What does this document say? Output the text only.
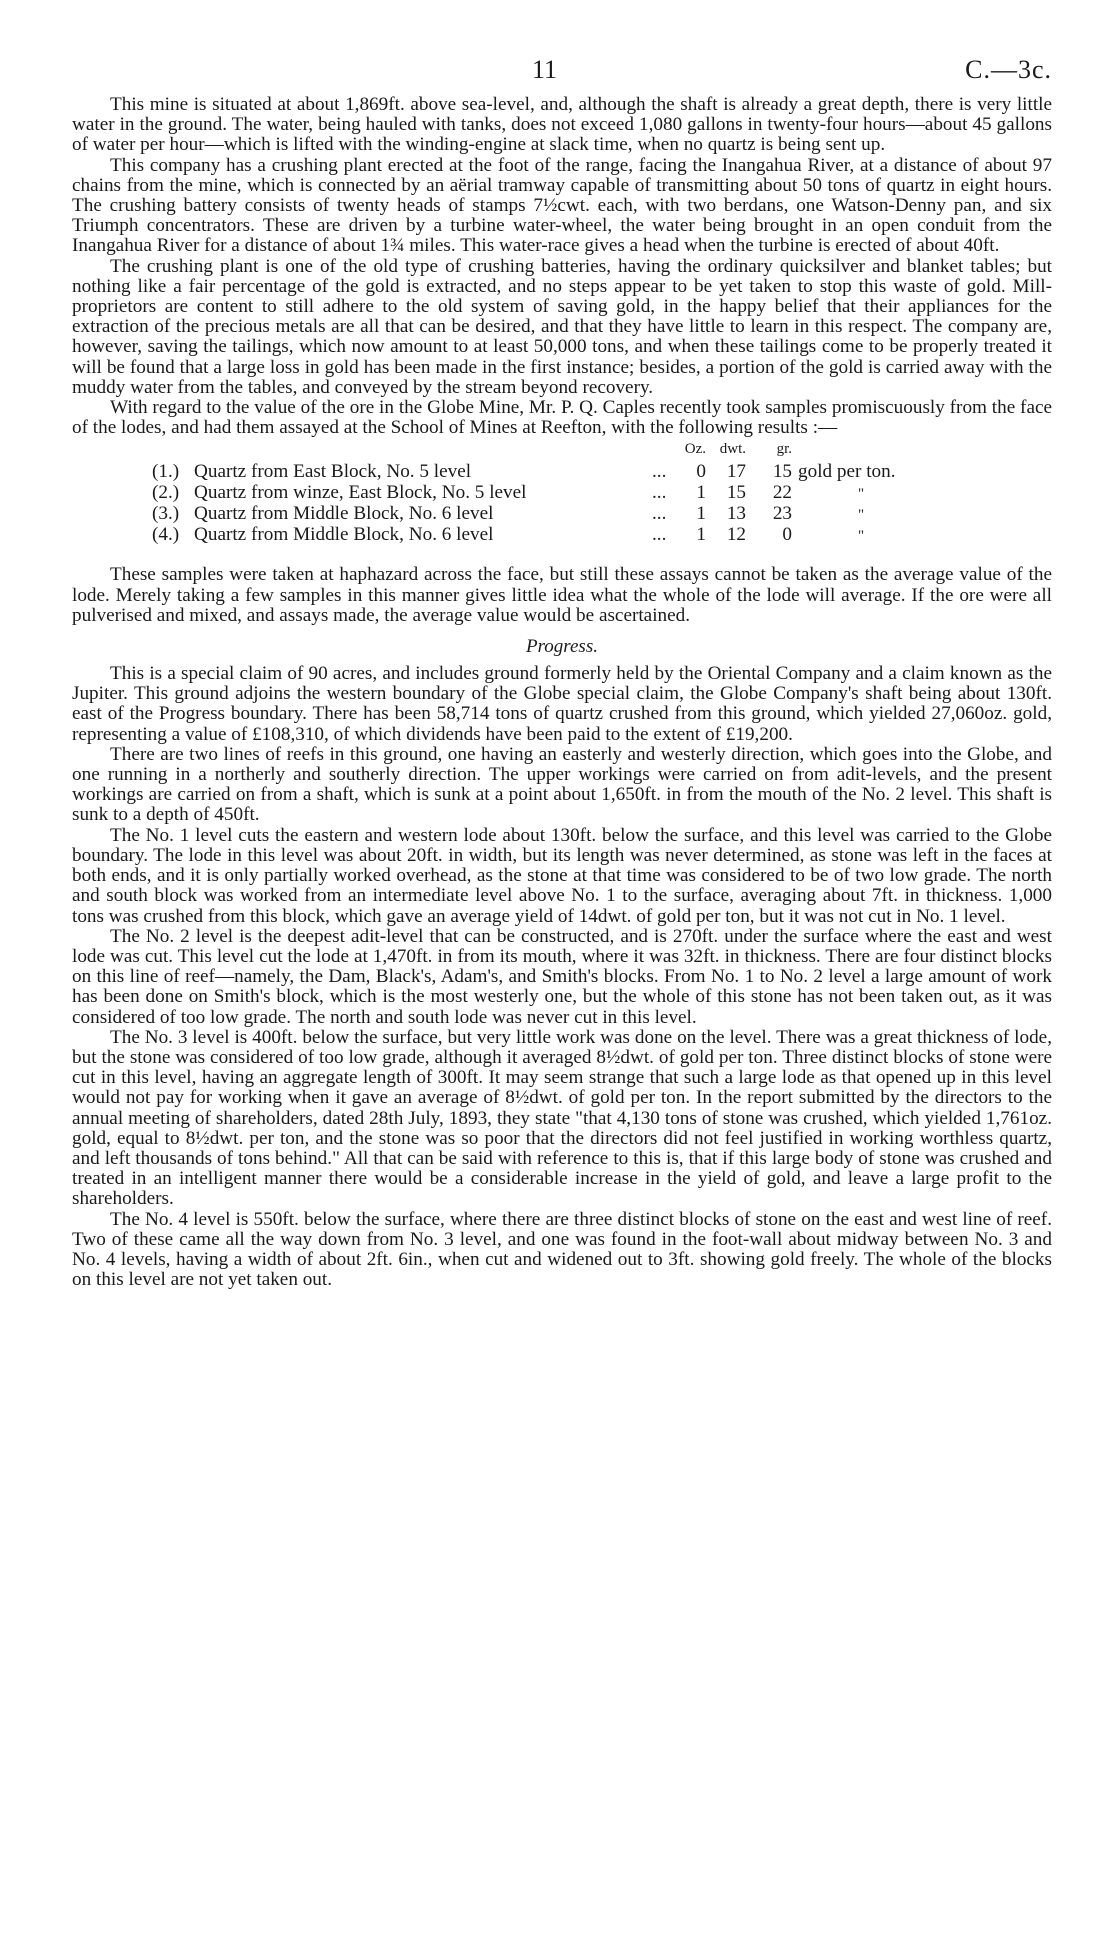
11	C.—3c.

This mine is situated at about 1,869ft. above sea-level, and, although the shaft is already a great depth, there is very little water in the ground. The water, being hauled with tanks, does not exceed 1,080 gallons in twenty-four hours—about 45 gallons of water per hour—which is lifted with the winding-engine at slack time, when no quartz is being sent up.

This company has a crushing plant erected at the foot of the range, facing the Inangahua River, at a distance of about 97 chains from the mine, which is connected by an aërial tramway capable of transmitting about 50 tons of quartz in eight hours. The crushing battery consists of twenty heads of stamps 7½cwt. each, with two berdans, one Watson-Denny pan, and six Triumph concentrators. These are driven by a turbine water-wheel, the water being brought in an open conduit from the Inangahua River for a distance of about 1¾ miles. This water-race gives a head when the turbine is erected of about 40ft.

The crushing plant is one of the old type of crushing batteries, having the ordinary quicksilver and blanket tables; but nothing like a fair percentage of the gold is extracted, and no steps appear to be yet taken to stop this waste of gold. Mill-proprietors are content to still adhere to the old system of saving gold, in the happy belief that their appliances for the extraction of the precious metals are all that can be desired, and that they have little to learn in this respect. The company are, however, saving the tailings, which now amount to at least 50,000 tons, and when these tailings come to be properly treated it will be found that a large loss in gold has been made in the first instance; besides, a portion of the gold is carried away with the muddy water from the tables, and conveyed by the stream beyond recovery.

With regard to the value of the ore in the Globe Mine, Mr. P. Q. Caples recently took samples promiscuously from the face of the lodes, and had them assayed at the School of Mines at Reefton, with the following results :—

Oz. dwt.	gr.
(1.) Quartz from East Block, No. 5 level	...	0	17	15 gold per ton.
(2.) Quartz from winze, East Block, No. 5 level	...	1	15	22	"
(3.) Quartz from Middle Block, No. 6 level	...	1	13	23	"
(4.) Quartz from Middle Block, No. 6 level	...	1	12	0	"

These samples were taken at haphazard across the face, but still these assays cannot be taken as the average value of the lode. Merely taking a few samples in this manner gives little idea what the whole of the lode will average. If the ore were all pulverised and mixed, and assays made, the average value would be ascertained.

Progress.

This is a special claim of 90 acres, and includes ground formerly held by the Oriental Company and a claim known as the Jupiter. This ground adjoins the western boundary of the Globe special claim, the Globe Company's shaft being about 130ft. east of the Progress boundary. There has been 58,714 tons of quartz crushed from this ground, which yielded 27,060oz. gold, representing a value of £108,310, of which dividends have been paid to the extent of £19,200.

There are two lines of reefs in this ground, one having an easterly and westerly direction, which goes into the Globe, and one running in a northerly and southerly direction. The upper workings were carried on from adit-levels, and the present workings are carried on from a shaft, which is sunk at a point about 1,650ft. in from the mouth of the No. 2 level. This shaft is sunk to a depth of 450ft.

The No. 1 level cuts the eastern and western lode about 130ft. below the surface, and this level was carried to the Globe boundary. The lode in this level was about 20ft. in width, but its length was never determined, as stone was left in the faces at both ends, and it is only partially worked overhead, as the stone at that time was considered to be of two low grade. The north and south block was worked from an intermediate level above No. 1 to the surface, averaging about 7ft. in thickness. 1,000 tons was crushed from this block, which gave an average yield of 14dwt. of gold per ton, but it was not cut in No. 1 level.

The No. 2 level is the deepest adit-level that can be constructed, and is 270ft. under the surface where the east and west lode was cut. This level cut the lode at 1,470ft. in from its mouth, where it was 32ft. in thickness. There are four distinct blocks on this line of reef—namely, the Dam, Black's, Adam's, and Smith's blocks. From No. 1 to No. 2 level a large amount of work has been done on Smith's block, which is the most westerly one, but the whole of this stone has not been taken out, as it was considered of too low grade. The north and south lode was never cut in this level.

The No. 3 level is 400ft. below the surface, but very little work was done on the level. There was a great thickness of lode, but the stone was considered of too low grade, although it averaged 8½dwt. of gold per ton. Three distinct blocks of stone were cut in this level, having an aggregate length of 300ft. It may seem strange that such a large lode as that opened up in this level would not pay for working when it gave an average of 8½dwt. of gold per ton. In the report submitted by the directors to the annual meeting of shareholders, dated 28th July, 1893, they state "that 4,130 tons of stone was crushed, which yielded 1,761oz. gold, equal to 8½dwt. per ton, and the stone was so poor that the directors did not feel justified in working worthless quartz, and left thousands of tons behind." All that can be said with reference to this is, that if this large body of stone was crushed and treated in an intelligent manner there would be a considerable increase in the yield of gold, and leave a large profit to the shareholders.

The No. 4 level is 550ft. below the surface, where there are three distinct blocks of stone on the east and west line of reef. Two of these came all the way down from No. 3 level, and one was found in the foot-wall about midway between No. 3 and No. 4 levels, having a width of about 2ft. 6in., when cut and widened out to 3ft. showing gold freely. The whole of the blocks on this level are not yet taken out.
